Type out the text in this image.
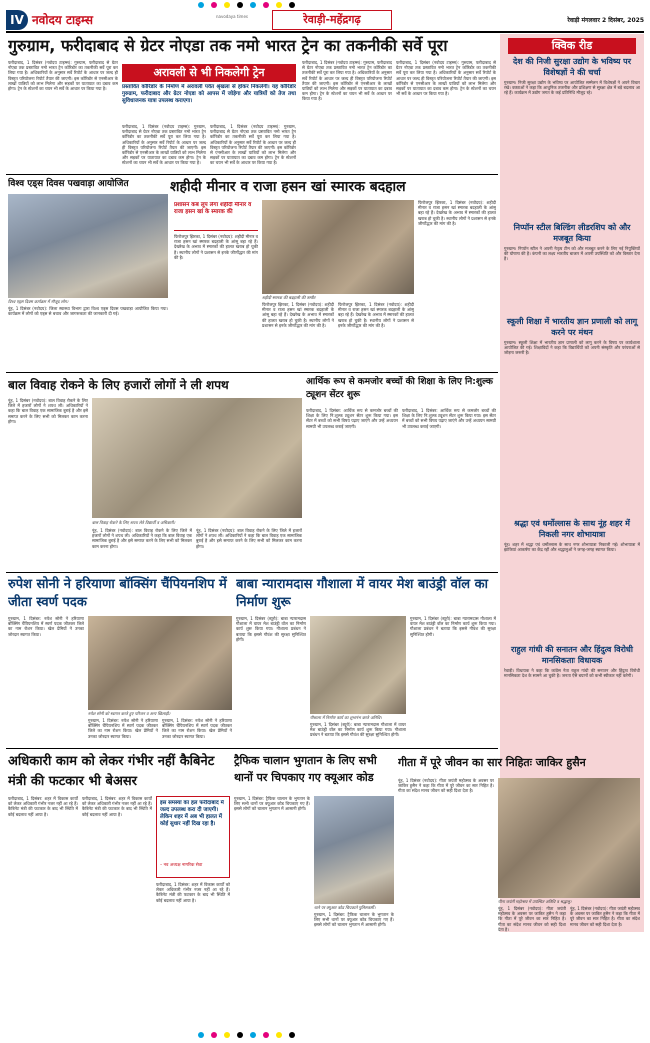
IV नवोदय टाइम्स	navodaya times	रेवाड़ी-महेंद्रगढ़	रेवाड़ी मंगलवार 2 दिसंबर, 2025
गुरुग्राम, फरीदाबाद से ग्रेटर नोएडा तक नमो भारत ट्रेन का तकनीकी सर्वे पूरा
फरीदाबाद, 1 दिसंबर (नवोदय टाइम्स): गुरुग्राम, फरीदाबाद से ग्रेटर नोएडा तक प्रस्तावित नमो भारत ट्रेन कॉरिडोर का तकनीकी सर्वे पूरा कर लिया गया है। अधिकारियों के अनुसार सर्वे रिपोर्ट के आधार पर जल्द ही विस्तृत परियोजना रिपोर्ट तैयार की जाएगी। इस कॉरिडोर से एनसीआर के लाखों यात्रियों को लाभ मिलेगा और सड़कों पर यातायात का दबाव कम होगा। ट्रेन के स्टेशनों का चयन भी सर्वे के आधार पर किया गया है।
अरावली से भी निकलेगी ट्रेन
प्रस्तावित कॉरिडोर के निर्माण में अरावली पर्वत श्रृंखला से होकर निकलेगी। यह कॉरिडोर गुरुग्राम, फरीदाबाद और ग्रेटर नोएडा को आपस में जोड़ेगा और यात्रियों को तेज तथा सुविधाजनक यात्रा उपलब्ध कराएगा।
फरीदाबाद, 1 दिसंबर (नवोदय टाइम्स): गुरुग्राम, फरीदाबाद से ग्रेटर नोएडा तक प्रस्तावित नमो भारत ट्रेन कॉरिडोर का तकनीकी सर्वे पूरा कर लिया गया है। अधिकारियों के अनुसार सर्वे रिपोर्ट के आधार पर जल्द ही विस्तृत परियोजना रिपोर्ट तैयार की जाएगी। इस कॉरिडोर से एनसीआर के लाखों यात्रियों को लाभ मिलेगा और सड़कों पर यातायात का दबाव कम होगा। ट्रेन के स्टेशनों का चयन भी सर्वे के आधार पर किया गया है।
फरीदाबाद, 1 दिसंबर (नवोदय टाइम्स): गुरुग्राम, फरीदाबाद से ग्रेटर नोएडा तक प्रस्तावित नमो भारत ट्रेन कॉरिडोर का तकनीकी सर्वे पूरा कर लिया गया है। अधिकारियों के अनुसार सर्वे रिपोर्ट के आधार पर जल्द ही विस्तृत परियोजना रिपोर्ट तैयार की जाएगी। इस कॉरिडोर से एनसीआर के लाखों यात्रियों को लाभ मिलेगा और सड़कों पर यातायात का दबाव कम होगा। ट्रेन के स्टेशनों का चयन भी सर्वे के आधार पर किया गया है।
फरीदाबाद, 1 दिसंबर (नवोदय टाइम्स): गुरुग्राम, फरीदाबाद से ग्रेटर नोएडा तक प्रस्तावित नमो भारत ट्रेन कॉरिडोर का तकनीकी सर्वे पूरा कर लिया गया है। अधिकारियों के अनुसार सर्वे रिपोर्ट के आधार पर जल्द ही विस्तृत परियोजना रिपोर्ट तैयार की जाएगी। इस कॉरिडोर से एनसीआर के लाखों यात्रियों को लाभ मिलेगा और सड़कों पर यातायात का दबाव कम होगा। ट्रेन के स्टेशनों का चयन भी सर्वे के आधार पर किया गया है।
फरीदाबाद, 1 दिसंबर (नवोदय टाइम्स): गुरुग्राम, फरीदाबाद से ग्रेटर नोएडा तक प्रस्तावित नमो भारत ट्रेन कॉरिडोर का तकनीकी सर्वे पूरा कर लिया गया है। अधिकारियों के अनुसार सर्वे रिपोर्ट के आधार पर जल्द ही विस्तृत परियोजना रिपोर्ट तैयार की जाएगी। इस कॉरिडोर से एनसीआर के लाखों यात्रियों को लाभ मिलेगा और सड़कों पर यातायात का दबाव कम होगा। ट्रेन के स्टेशनों का चयन भी सर्वे के आधार पर किया गया है।
क्विक रीड
देश की निजी सुरक्षा उद्योग के भविष्य पर विशेषज्ञों ने की चर्चा
गुरुग्राम। निजी सुरक्षा उद्योग के भविष्य पर आयोजित सम्मेलन में विशेषज्ञों ने अपने विचार रखे। वक्ताओं ने कहा कि आधुनिक तकनीक और प्रशिक्षण से सुरक्षा क्षेत्र में बड़े बदलाव आ रहे हैं। कार्यक्रम में उद्योग जगत के कई प्रतिनिधि मौजूद रहे।
निप्पॉन स्टील बिल्डिंग लीडरशिप को और मजबूत किया
गुरुग्राम। निप्पॉन स्टील ने अपनी नेतृत्व टीम को और मजबूत करने के लिए नई नियुक्तियों की घोषणा की है। कंपनी का लक्ष्य भारतीय बाजार में अपनी उपस्थिति को और विस्तार देना है।
स्कूली शिक्षा में भारतीय ज्ञान प्रणाली को लागू करने पर मंथन
गुरुग्राम। स्कूली शिक्षा में भारतीय ज्ञान प्रणाली को लागू करने के विषय पर कार्यशाला आयोजित की गई। शिक्षाविदों ने कहा कि विद्यार्थियों को अपनी संस्कृति और परंपराओं से जोड़ना जरूरी है।
श्रद्धा एवं धर्मोल्लास के साथ नूंह शहर में निकली नगर शोभायात्रा
नूंह। शहर में श्रद्धा एवं धर्मोल्लास के साथ नगर शोभायात्रा निकाली गई। शोभायात्रा में झांकियां आकर्षण का केंद्र रहीं और श्रद्धालुओं ने जगह-जगह स्वागत किया।
राहुल गांधी की सनातन और हिंदुत्व विरोधी मानसिकताः विधायक
रेवाड़ी। विधायक ने कहा कि कांग्रेस नेता राहुल गांधी की सनातन और हिंदुत्व विरोधी मानसिकता देश के सामने आ चुकी है। जनता ऐसे बयानों को कभी स्वीकार नहीं करेगी।
विश्व एड्स दिवस पखवाड़ा आयोजित
विश्व एड्स दिवस कार्यक्रम में मौजूद लोग।
नूंह, 1 दिसंबर (नवोदय): जिला स्वास्थ्य विभाग द्वारा विश्व एड्स दिवस पखवाड़ा आयोजित किया गया। कार्यक्रम में लोगों को एड्स से बचाव और जागरूकता की जानकारी दी गई।
शहीदी मीनार व राजा हसन खां स्मारक बदहाल
प्रशासन कब लूप लेगा शहीदी मीनार व राजा हसन खां के स्मारक की
फिरोजपुर झिरका, 1 दिसंबर (नवोदय): शहीदी मीनार व राजा हसन खां स्मारक बदहाली के आंसू बहा रहे हैं। देखरेख के अभाव में स्मारकों की हालत खराब हो चुकी है। स्थानीय लोगों ने प्रशासन से इनके जीर्णोद्धार की मांग की है।
शहीदी स्मारक की बदहाली की तस्वीर
फिरोजपुर झिरका, 1 दिसंबर (नवोदय): शहीदी मीनार व राजा हसन खां स्मारक बदहाली के आंसू बहा रहे हैं। देखरेख के अभाव में स्मारकों की हालत खराब हो चुकी है। स्थानीय लोगों ने प्रशासन से इनके जीर्णोद्धार की मांग की है।
फिरोजपुर झिरका, 1 दिसंबर (नवोदय): शहीदी मीनार व राजा हसन खां स्मारक बदहाली के आंसू बहा रहे हैं। देखरेख के अभाव में स्मारकों की हालत खराब हो चुकी है। स्थानीय लोगों ने प्रशासन से इनके जीर्णोद्धार की मांग की है।
फिरोजपुर झिरका, 1 दिसंबर (नवोदय): शहीदी मीनार व राजा हसन खां स्मारक बदहाली के आंसू बहा रहे हैं। देखरेख के अभाव में स्मारकों की हालत खराब हो चुकी है। स्थानीय लोगों ने प्रशासन से इनके जीर्णोद्धार की मांग की है।
बाल विवाह रोकने के लिए हजारों लोगों ने ली शपथ
नूंह, 1 दिसंबर (नवोदय): बाल विवाह रोकने के लिए जिले में हजारों लोगों ने शपथ ली। अधिकारियों ने कहा कि बाल विवाह एक सामाजिक बुराई है और इसे समाप्त करने के लिए सभी को मिलकर काम करना होगा।
बाल विवाह रोकने के लिए शपथ लेते विद्यार्थी व अधिकारी।
नूंह, 1 दिसंबर (नवोदय): बाल विवाह रोकने के लिए जिले में हजारों लोगों ने शपथ ली। अधिकारियों ने कहा कि बाल विवाह एक सामाजिक बुराई है और इसे समाप्त करने के लिए सभी को मिलकर काम करना होगा।
नूंह, 1 दिसंबर (नवोदय): बाल विवाह रोकने के लिए जिले में हजारों लोगों ने शपथ ली। अधिकारियों ने कहा कि बाल विवाह एक सामाजिक बुराई है और इसे समाप्त करने के लिए सभी को मिलकर काम करना होगा।
आर्थिक रूप से कमजोर बच्चों की शिक्षा के लिए नि:शुल्क ट्यूशन सेंटर शुरू
फरीदाबाद, 1 दिसंबर: आर्थिक रूप से कमजोर बच्चों की शिक्षा के लिए नि:शुल्क ट्यूशन सेंटर शुरू किया गया। इस सेंटर में बच्चों को सभी विषय पढ़ाए जाएंगे और उन्हें अध्ययन सामग्री भी उपलब्ध कराई जाएगी।
फरीदाबाद, 1 दिसंबर: आर्थिक रूप से कमजोर बच्चों की शिक्षा के लिए नि:शुल्क ट्यूशन सेंटर शुरू किया गया। इस सेंटर में बच्चों को सभी विषय पढ़ाए जाएंगे और उन्हें अध्ययन सामग्री भी उपलब्ध कराई जाएगी।
रुपेश सोनी ने हरियाणा बॉक्सिंग चैंपियनशिप में जीता स्वर्ण पदक
गुरुग्राम, 1 दिसंबर: रुपेश सोनी ने हरियाणा बॉक्सिंग चैंपियनशिप में स्वर्ण पदक जीतकर जिले का नाम रोशन किया। खेल प्रेमियों ने उनका जोरदार स्वागत किया।
रुपेश सोनी को स्वागत करते हुए परिजन व अन्य खिलाड़ी।
गुरुग्राम, 1 दिसंबर: रुपेश सोनी ने हरियाणा बॉक्सिंग चैंपियनशिप में स्वर्ण पदक जीतकर जिले का नाम रोशन किया। खेल प्रेमियों ने उनका जोरदार स्वागत किया।
गुरुग्राम, 1 दिसंबर: रुपेश सोनी ने हरियाणा बॉक्सिंग चैंपियनशिप में स्वर्ण पदक जीतकर जिले का नाम रोशन किया। खेल प्रेमियों ने उनका जोरदार स्वागत किया।
बाबा न्यारामदास गौशाला में वायर मेश बाउंड्री वॉल का निर्माण शुरू
गुरुग्राम, 1 दिसंबर (ब्यूरो): बाबा न्यारामदास गौशाला में वायर मेश बाउंड्री वॉल का निर्माण कार्य शुरू किया गया। गौशाला प्रबंधन ने बताया कि इससे गौवंश की सुरक्षा सुनिश्चित होगी।
गौशाला में निर्माण कार्य का शुभारंभ करते अतिथि।
गुरुग्राम, 1 दिसंबर (ब्यूरो): बाबा न्यारामदास गौशाला में वायर मेश बाउंड्री वॉल का निर्माण कार्य शुरू किया गया। गौशाला प्रबंधन ने बताया कि इससे गौवंश की सुरक्षा सुनिश्चित होगी।
गुरुग्राम, 1 दिसंबर (ब्यूरो): बाबा न्यारामदास गौशाला में वायर मेश बाउंड्री वॉल का निर्माण कार्य शुरू किया गया। गौशाला प्रबंधन ने बताया कि इससे गौवंश की सुरक्षा सुनिश्चित होगी।
अधिकारी काम को लेकर गंभीर नहीं कैबिनेट मंत्री की फटकार भी बेअसर
फरीदाबाद, 1 दिसंबर: शहर में विकास कार्यों को लेकर अधिकारी गंभीर नजर नहीं आ रहे हैं। कैबिनेट मंत्री की फटकार के बाद भी स्थिति में कोई बदलाव नहीं आया है।
फरीदाबाद, 1 दिसंबर: शहर में विकास कार्यों को लेकर अधिकारी गंभीर नजर नहीं आ रहे हैं। कैबिनेट मंत्री की फटकार के बाद भी स्थिति में कोई बदलाव नहीं आया है।
इस समस्या का हल फरीदाबाद में जल्द उपलब्ध करा दी जाएगी। लेकिन शहर में अब भी हालत में कोई सुधार नहीं दिख रहा है।
– नव अध्यक्ष नागरिक सेवा
फरीदाबाद, 1 दिसंबर: शहर में विकास कार्यों को लेकर अधिकारी गंभीर नजर नहीं आ रहे हैं। कैबिनेट मंत्री की फटकार के बाद भी स्थिति में कोई बदलाव नहीं आया है।
ट्रैफिक चालान भुगतान के लिए सभी थानों पर चिपकाए गए क्यूआर कोड
गुरुग्राम, 1 दिसंबर: ट्रैफिक चालान के भुगतान के लिए सभी थानों पर क्यूआर कोड चिपकाए गए हैं। इससे लोगों को चालान भुगतान में आसानी होगी।
थाने पर क्यूआर कोड चिपकाते पुलिसकर्मी।
गुरुग्राम, 1 दिसंबर: ट्रैफिक चालान के भुगतान के लिए सभी थानों पर क्यूआर कोड चिपकाए गए हैं। इससे लोगों को चालान भुगतान में आसानी होगी।
गीता में पूरे जीवन का सार निहितः जाकिर हुसैन
नूंह, 1 दिसंबर (नवोदय): गीता जयंती महोत्सव के अवसर पर जाकिर हुसैन ने कहा कि गीता में पूरे जीवन का सार निहित है। गीता का संदेश मानव जीवन को सही दिशा देता है।
गीता जयंती महोत्सव में उपस्थित अतिथि व श्रद्धालु।
नूंह, 1 दिसंबर (नवोदय): गीता जयंती महोत्सव के अवसर पर जाकिर हुसैन ने कहा कि गीता में पूरे जीवन का सार निहित है। गीता का संदेश मानव जीवन को सही दिशा देता है।
नूंह, 1 दिसंबर (नवोदय): गीता जयंती महोत्सव के अवसर पर जाकिर हुसैन ने कहा कि गीता में पूरे जीवन का सार निहित है। गीता का संदेश मानव जीवन को सही दिशा देता है।
